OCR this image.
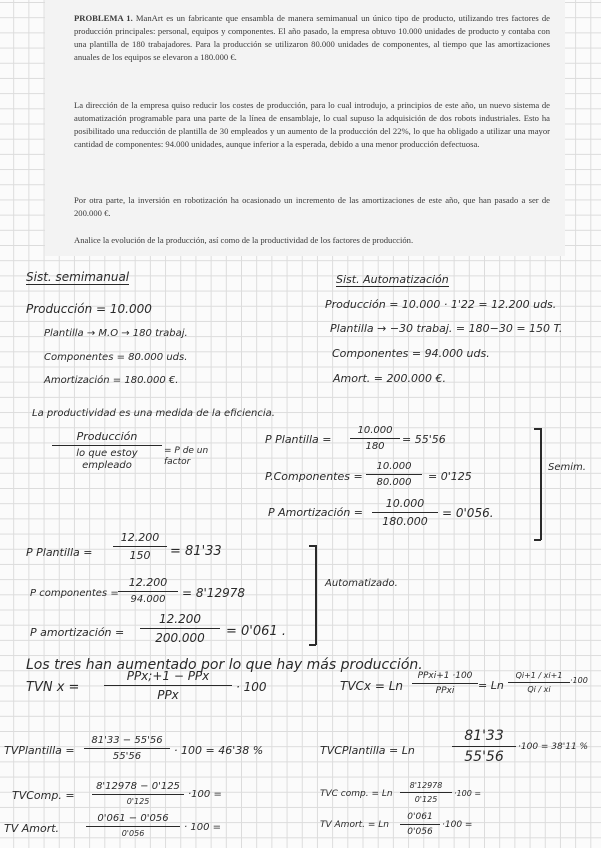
PROBLEMA 1. ManArt es un fabricante que ensambla de manera semimanual un único tipo de producto, utilizando tres factores de producción principales: personal, equipos y componentes. El año pasado, la empresa obtuvo 10.000 unidades de producto y contaba con una plantilla de 180 trabajadores. Para la producción se utilizaron 80.000 unidades de componentes, al tiempo que las amortizaciones anuales de los equipos se elevaron a 180.000 €.

La dirección de la empresa quiso reducir los costes de producción, para lo cual introdujo, a principios de este año, un nuevo sistema de automatización programable para una parte de la línea de ensamblaje, lo cual supuso la adquisición de dos robots industriales. Esto ha posibilitado una reducción de plantilla de 30 empleados y un aumento de la producción del 22%, lo que ha obligado a utilizar una mayor cantidad de componentes: 94.000 unidades, aunque inferior a la esperada, debido a una menor producción defectuosa.

Por otra parte, la inversión en robotización ha ocasionado un incremento de las amortizaciones de este año, que han pasado a ser de 200.000 €.

Analice la evolución de la producción, así como de la productividad de los factores de producción.

Sist. semimanual
Producción = 10.000
Plantilla → M.O → 180 trabaj.
Componentes = 80.000 uds.
Amortización = 180.000 €.
Sist. Automatización
Producción = 10.000 · 1'22 = 12.200 uds.
Plantilla → −30 trabaj. = 180−30 = 150 T.
Componentes = 94.000 uds.
Amort. = 200.000 €.
La productividad es una medida de la eficiencia.
Producción
lo que estoy empleado
= P de un factor
P Plantilla = $\frac{10.000}{180} = 55'56$
P.Componentes = $\frac{10.000}{80.000} = 0'125$
P Amortización = $\frac{10.000}{180.000} = 0'056$.
Semim.
P Plantilla = $\frac{12.200}{150} = 81'33$
P componentes = $\frac{12.200}{94.000} = 8'12978$
P amortización = $\frac{12.200}{200.000} = 0'061$ .
Automatizado.
Los tres han aumentado por lo que hay más producción.
TVN x =
PPx;+1 − PPx
PPx
· 100	TVCx = Ln
PPxi+1 ·100
PPxi	= Ln $\frac{Qi+1 / xi+1}{Qi / xi} \cdot 100$
TVPlantilla = $\frac{81'33 - 55'56}{55'56} \cdot 100 = 46'38$ %	TVCPlantilla = Ln	$\frac{81'33}{55'56} \cdot 100 = 38'11$ %
TVComp. =
8'12978 − 0'125
0'125
·100 =	TVC comp. = Ln $\frac{8'12978}{0'125} \cdot 100$ =
TV Amort.
0'061 − 0'056
0'056
· 100 =	TV Amort. = Ln $\frac{0'061}{0'056} \cdot 100$ =
